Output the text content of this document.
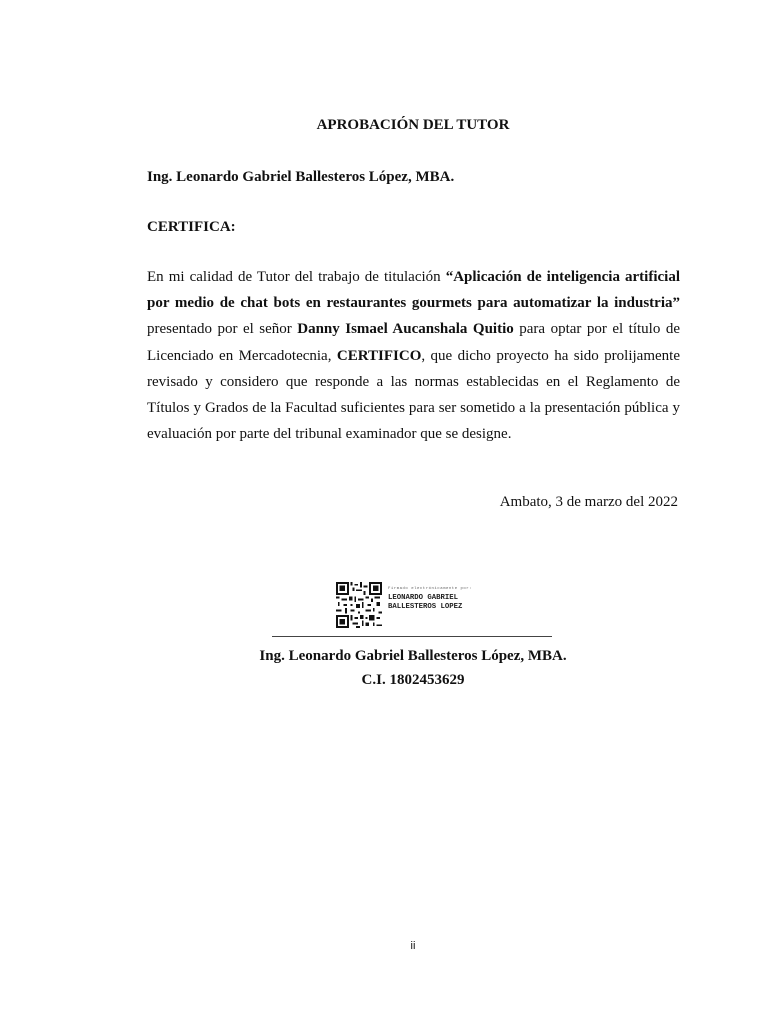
APROBACIÓN DEL TUTOR
Ing. Leonardo Gabriel Ballesteros López, MBA.
CERTIFICA:
En mi calidad de Tutor del trabajo de titulación “Aplicación de inteligencia artificial por medio de chat bots en restaurantes gourmets para automatizar la industria” presentado por el señor Danny Ismael Aucanshala Quitio para optar por el título de Licenciado en Mercadotecnia, CERTIFICO, que dicho proyecto ha sido prolijamente revisado y considero que responde a las normas establecidas en el Reglamento de Títulos y Grados de la Facultad suficientes para ser sometido a la presentación pública y evaluación por parte del tribunal examinador que se designe.
Ambato, 3 de marzo del 2022
Firmado electrónicamente por:
LEONARDO GABRIEL
BALLESTEROS LOPEZ
Ing. Leonardo Gabriel Ballesteros López, MBA.
C.I. 1802453629
ii
